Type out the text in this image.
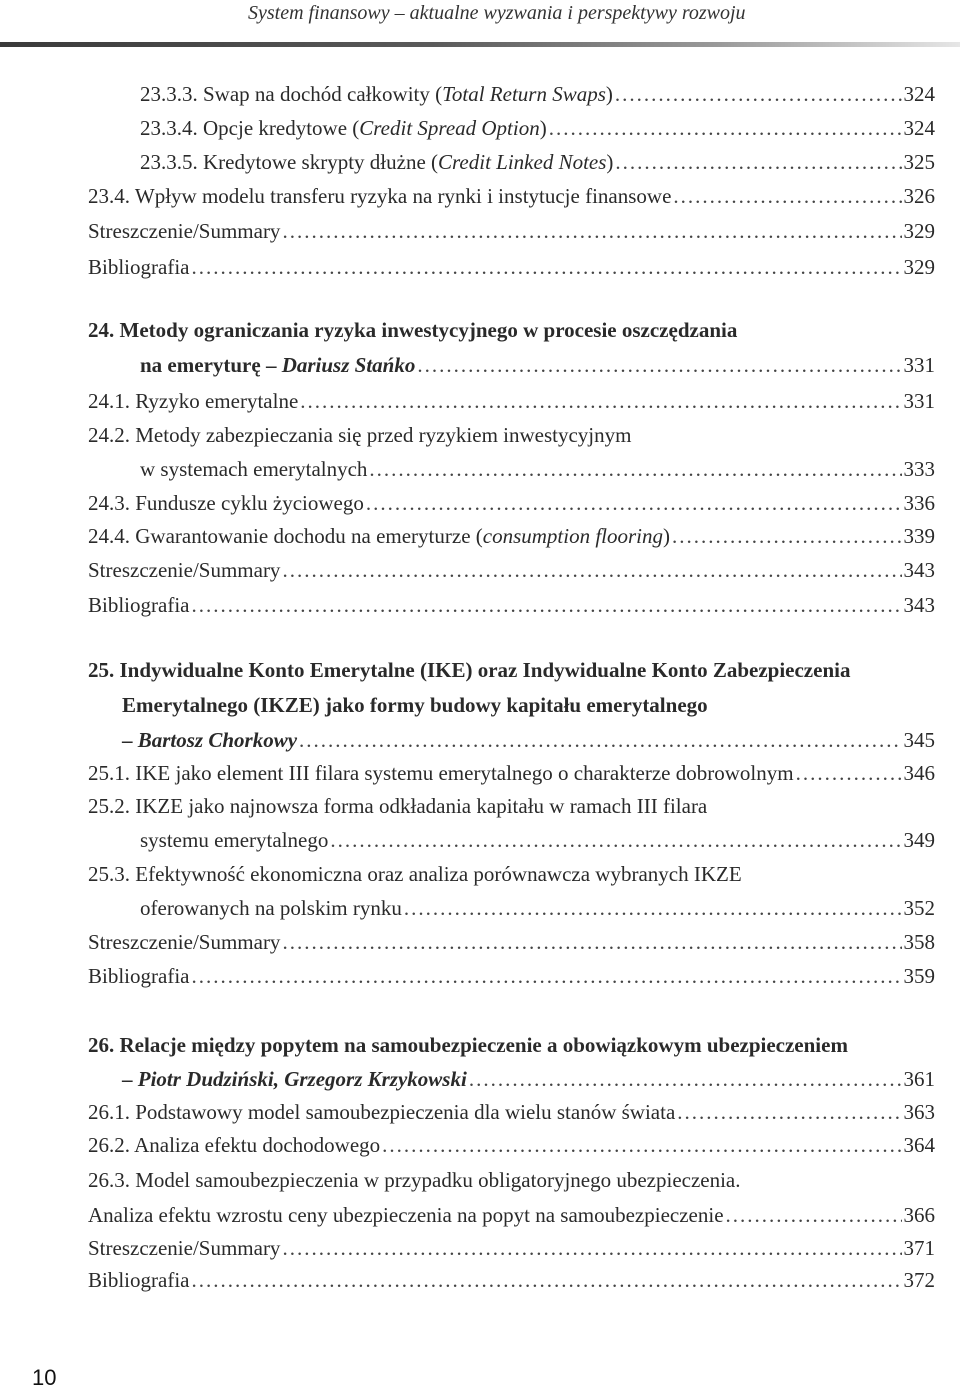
System finansowy – aktualne wyzwania i perspektywy rozwoju
23.3.3. Swap na dochód całkowity (Total Return Swaps) .....	324
23.3.4. Opcje kredytowe (Credit Spread Option) .....	324
23.3.5. Kredytowe skrypty dłużne (Credit Linked Notes) .....	325
23.4. Wpływ modelu transferu ryzyka na rynki i instytucje finansowe .....	326
Streszczenie/Summary .....	329
Bibliografia .....	329
24. Metody ograniczania ryzyka inwestycyjnego w procesie oszczędzania
na emeryturę – Dariusz Stańko .....	331
24.1. Ryzyko emerytalne .....	331
24.2. Metody zabezpieczania się przed ryzykiem inwestycyjnym
w systemach emerytalnych .....	333
24.3. Fundusze cyklu życiowego .....	336
24.4. Gwarantowanie dochodu na emeryturze (consumption flooring) .....	339
Streszczenie/Summary .....	343
Bibliografia .....	343
25. Indywidualne Konto Emerytalne (IKE) oraz Indywidualne Konto Zabezpieczenia
Emerytalnego (IKZE) jako formy budowy kapitału emerytalnego
– Bartosz Chorkowy .....	345
25.1. IKE jako element III filara systemu emerytalnego o charakterze dobrowolnym .....	346
25.2. IKZE jako najnowsza forma odkładania kapitału w ramach III filara
systemu emerytalnego .....	349
25.3. Efektywność ekonomiczna oraz analiza porównawcza wybranych IKZE
oferowanych na polskim rynku .....	352
Streszczenie/Summary .....	358
Bibliografia .....	359
26. Relacje między popytem na samoubezpieczenie a obowiązkowym ubezpieczeniem
– Piotr Dudziński, Grzegorz Krzykowski .....	361
26.1. Podstawowy model samoubezpieczenia dla wielu stanów świata .....	363
26.2. Analiza efektu dochodowego .....	364
26.3. Model samoubezpieczenia w przypadku obligatoryjnego ubezpieczenia.
Analiza efektu wzrostu ceny ubezpieczenia na popyt na samoubezpieczenie .....	366
Streszczenie/Summary .....	371
Bibliografia .....	372
10
